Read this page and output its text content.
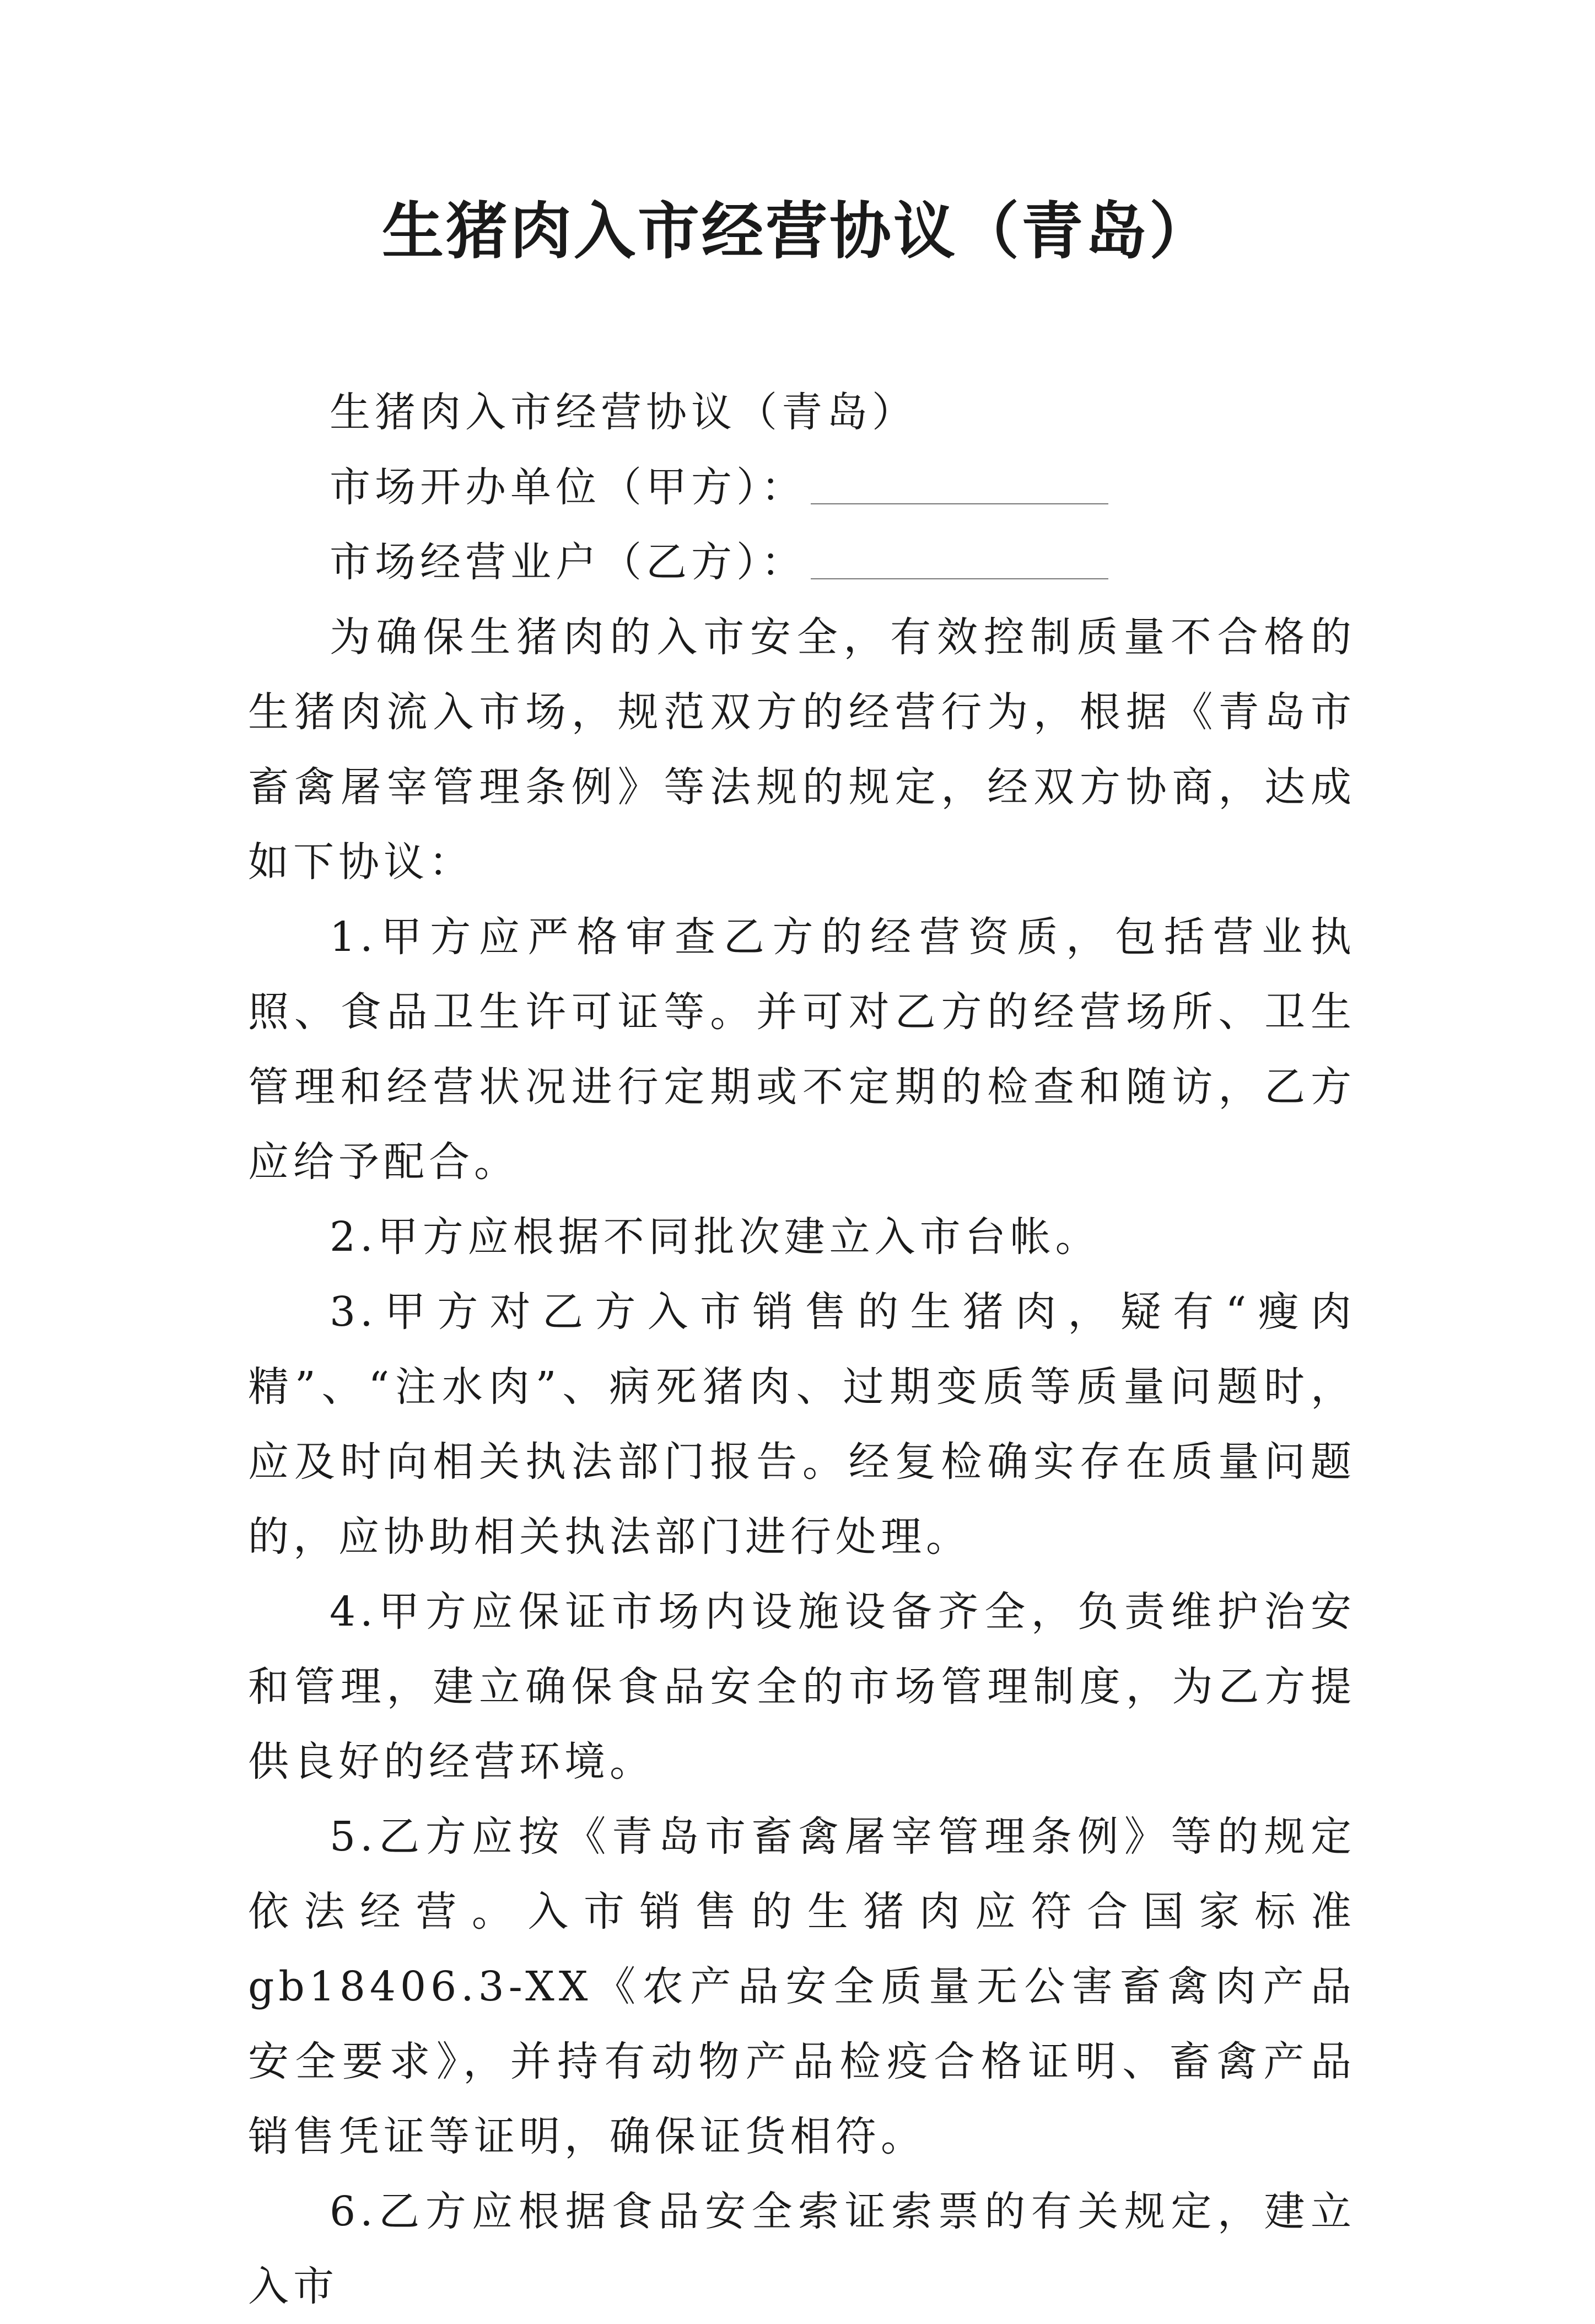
生猪肉入市经营协议（青岛）

生猪肉入市经营协议（青岛）

市场开办单位（甲方）：

市场经营业户（乙方）：

为确保生猪肉的入市安全，有效控制质量不合格的生猪肉流入市场，规范双方的经营行为，根据《青岛市畜禽屠宰管理条例》等法规的规定，经双方协商，达成如下协议：

1.甲方应严格审查乙方的经营资质，包括营业执照、食品卫生许可证等。并可对乙方的经营场所、卫生管理和经营状况进行定期或不定期的检查和随访，乙方应给予配合。

2.甲方应根据不同批次建立入市台帐。

3.甲方对乙方入市销售的生猪肉，疑有“瘦肉精”、“注水肉”、病死猪肉、过期变质等质量问题时，应及时向相关执法部门报告。经复检确实存在质量问题的，应协助相关执法部门进行处理。

4.甲方应保证市场内设施设备齐全，负责维护治安和管理，建立确保食品安全的市场管理制度，为乙方提供良好的经营环境。

5.乙方应按《青岛市畜禽屠宰管理条例》等的规定依法经营。入市销售的生猪肉应符合国家标准gb18406.3-XX《农产品安全质量无公害畜禽肉产品安全要求》，并持有动物产品检疫合格证明、畜禽产品销售凭证等证明，确保证货相符。

6.乙方应根据食品安全索证索票的有关规定，建立入市
